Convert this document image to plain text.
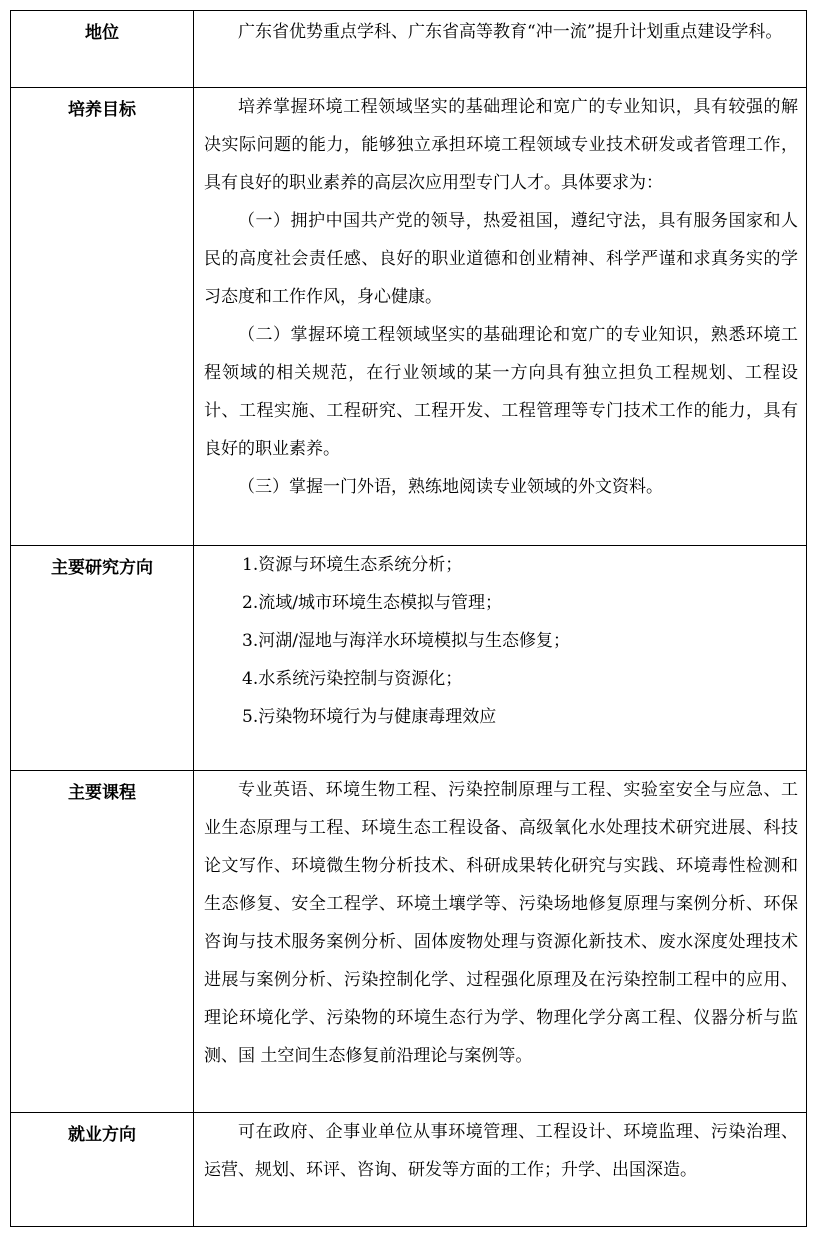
地位	广东省优势重点学科、广东省高等教育“冲一流”提升计划重点建设学科。

培养目标	培养掌握环境工程领域坚实的基础理论和宽广的专业知识，具有较强的解决实际问题的能力，能够独立承担环境工程领域专业技术研发或者管理工作，具有良好的职业素养的高层次应用型专门人才。具体要求为：

（一）拥护中国共产党的领导，热爱祖国，遵纪守法，具有服务国家和人民的高度社会责任感、良好的职业道德和创业精神、科学严谨和求真务实的学习态度和工作作风，身心健康。

（二）掌握环境工程领域坚实的基础理论和宽广的专业知识，熟悉环境工程领域的相关规范，在行业领域的某一方向具有独立担负工程规划、工程设计、工程实施、工程研究、工程开发、工程管理等专门技术工作的能力，具有良好的职业素养。

（三）掌握一门外语，熟练地阅读专业领域的外文资料。

主要研究方向	1.资源与环境生态系统分析；

2.流域/城市环境生态模拟与管理；

3.河湖/湿地与海洋水环境模拟与生态修复；

4.水系统污染控制与资源化；

5.污染物环境行为与健康毒理效应

主要课程	专业英语、环境生物工程、污染控制原理与工程、实验室安全与应急、工业生态原理与工程、环境生态工程设备、高级氧化水处理技术研究进展、科技论文写作、环境微生物分析技术、科研成果转化研究与实践、环境毒性检测和生态修复、安全工程学、环境土壤学等、污染场地修复原理与案例分析、环保咨询与技术服务案例分析、固体废物处理与资源化新技术、废水深度处理技术进展与案例分析、污染控制化学、过程强化原理及在污染控制工程中的应用、理论环境化学、污染物的环境生态行为学、物理化学分离工程、仪器分析与监测、国 土空间生态修复前沿理论与案例等。

就业方向	可在政府、企事业单位从事环境管理、工程设计、环境监理、污染治理、运营、规划、环评、咨询、研发等方面的工作；升学、出国深造。
